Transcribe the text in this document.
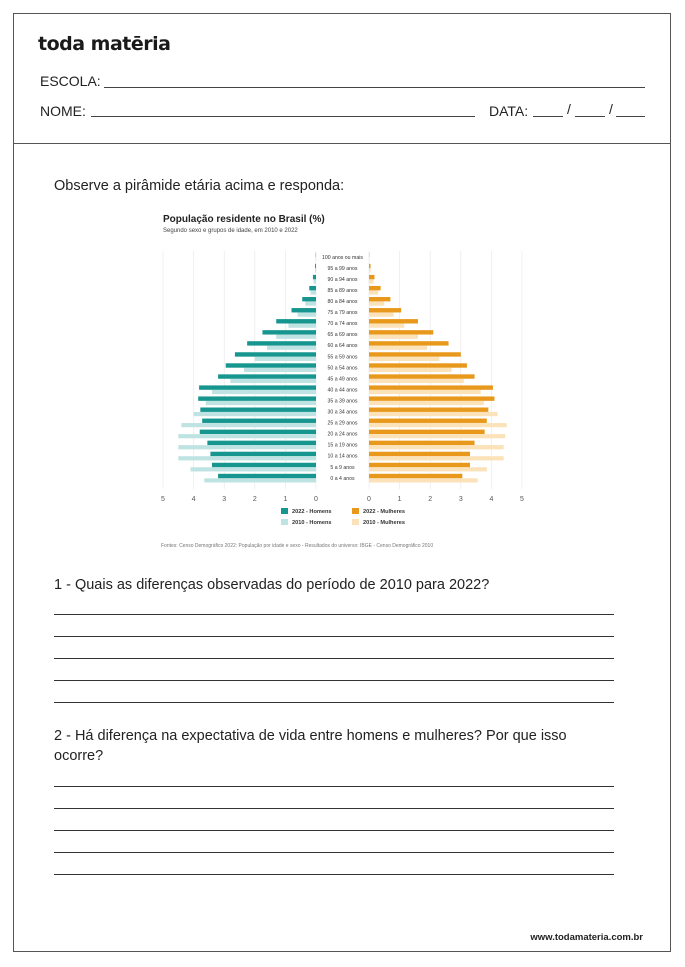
toda matēria
ESCOLA:
NOME:	DATA:	/	/
Observe a pirâmide etária acima e responda:
População residente no Brasil (%)
Segundo sexo e grupos de idade, em 2010 e 2022
100 anos ou mais
95 a 99 anos
90 a 94 anos
85 a 89 anos
80 a 84 anos
75 a 79 anos
70 a 74 anos
65 a 69 anos
60 a 64 anos
55 a 59 anos
50 a 54 anos
45 a 49 anos
40 a 44 anos
35 a 39 anos
30 a 34 anos
25 a 29 anos
20 a 24 anos
15 a 19 anos
10 a 14 anos
5 a 9 anos
0 a 4 anos
5	4	3	2	1	0	0	1	2	3	4	5
2022 - Homens
2010 - Homens
2022 - Mulheres
2010 - Mulheres
Fontes: Censo Demográfico 2022: População por idade e sexo - Resultados do universo: IBGE - Censo Demográfico 2010
1 - Quais as diferenças observadas do período de 2010 para 2022?
2 - Há diferença na expectativa de vida entre homens e mulheres? Por que isso ocorre?
www.todamateria.com.br
